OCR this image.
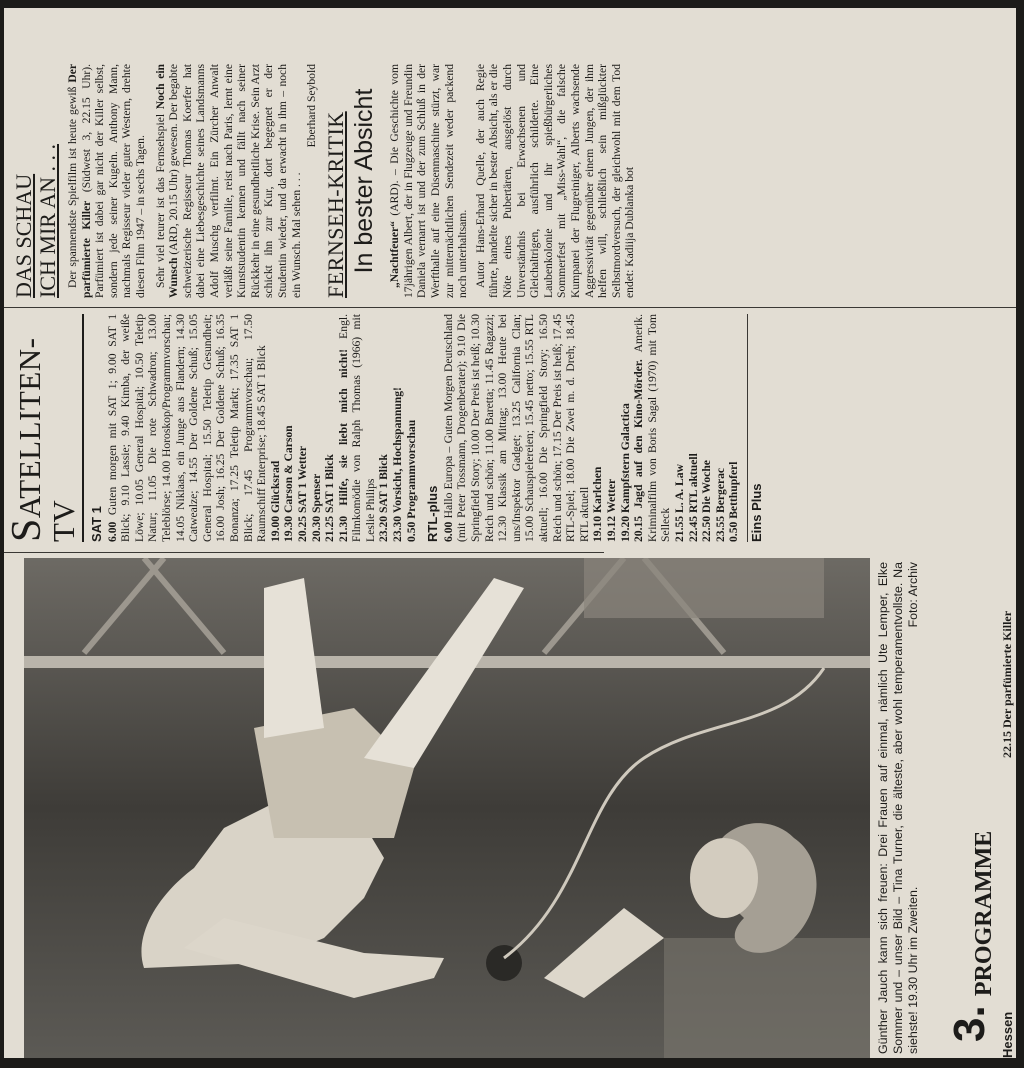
Günther Jauch kann sich freuen: Drei Frauen auf einmal, nämlich Ute Lemper, Elke Sommer und – unser Bild – Tina Turner, die älteste, aber wohl temperamentvollste. Na siehste! 19.30 Uhr im Zweiten.
Foto: Archiv
3. PROGRAMME
SATELLITEN-TV SAT 1 6.00 Guten morgen mit SAT 1; 9.00 SAT 1 Blick; 9.10 Lassie; 9.40 Kimba, der weiße Löwe; 10.05 General Hospital; 10.50 Teletip Natur; 11.05 Die rote Schwadron; 13.00 Teleblörse; 14.00 Horoskop/Programmvorschau; 14.05 Niklaas, ein Junge aus Flandern; 14.30 Catwealze; 14.55 Der Goldene Schuß; 15.05 General Hospital; 15.50 Teletip Gesundheit; 16.00 Josh; 16.25 Der Goldene Schuß; 16.35 Bonanza; 17.25 Teletip Markt; 17.35 SAT 1 Blick; 17.45 Programmvorschau; 17.50 Raumschiff Enterprise; 18.45 SAT 1 Blick 19.00 Glücksrad
19.30 Carson & Carson
20.25 SAT 1 Wetter
20.30 Spenser
21.25 SAT 1 Blick

21.30 Hilfe, sie liebt mich nicht! Engl. Filmkomödie von Ralph Thomas (1966) mit Leslie Philips 23.20 SAT 1 Blick
23.30 Vorsicht, Hochspannung!
0.50 Programmvorschau RTL-plus 6.00 Hallo Europa – Guten Morgen Deutschland (mit Peter Tossmann, Drogenberater); 9.10 Die Springfield Story; 10.00 Der Preis ist heiß; 10.30 Reich und schön; 11.00 Baretta; 11.45 Ragazzi; 12.30 Klassik am Mittag; 13.00 Heute bei uns/Inspektor Gadget; 13.25 California Clan; 15.00 Schauspielereien; 15.45 netto; 15.55 RTL aktuell; 16.00 Die Springfield Story; 16.50 Reich und schön; 17.15 Der Preis ist heiß; 17.45 RTL-Spiel; 18.00 Die Zwei m. d. Dreh; 18.45 RTL aktuell 19.10 Karlchen
19.12 Wetter
19.20 Kampfstern Galactica

20.15 Jagd auf den Kino-Mörder. Amerik. Kriminalfilm von Boris Sagal (1970) mit Tom Selleck 21.55 L. A. Law
22.45 RTL aktuell
22.50 Die Woche
23.55 Bergerac
0.50 Betthupferl Eins Plus
DAS SCHAU ICH MIR AN . . . Der spannendste Spielfilm ist heute gewiß Der parfümierte Killer (Südwest 3, 22.15 Uhr). Parfümiert ist dabei gar nicht der Killer selbst, sondern jede seiner Kugeln. Anthony Mann, nachmals Regisseur vieler guter Western, drehte diesen Film 1947 – in sechs Tagen. Sehr viel teurer ist das Fernsehspiel Noch ein Wunsch (ARD, 20.15 Uhr) gewesen. Der begabte schweizerische Regisseur Thomas Koerfer hat dabei eine Liebesgeschichte seines Landsmanns Adolf Muschg verfilmt. Ein Zürcher Anwalt verläßt seine Familie, reist nach Paris, lernt eine Kunststudentin kennen und fällt nach seiner Rückkehr in eine gesundheitliche Krise. Sein Arzt schickt ihn zur Kur, dort begegnet er der Studentin wieder, und da erwacht in ihm – noch ein Wunsch. Mal sehen . . .

Eberhard Seybold

FERNSEH-KRITIK In bester Absicht „Nachtfeuer“ (ARD). – Die Geschichte vom 17jährigen Albert, der in Flugzeuge und Freundin Daniela vernarrt ist und der zum Schluß in der Werfthalle auf eine Düsenmaschine stürzt, war zur mitternächtlichen Sendezeit weder packend noch unterhaltsam. Autor Hans-Erhard Quelle, der auch Regie führte, handelte sicher in bester Absicht, als er die Nöte eines Pubertären, ausgelöst durch Unverständnis bei Erwachsenen und Gleichaltrigen, ausführlich schilderte. Eine Laubenkolonie und ihr spießbürgerliches Sommerfest mit „Miss-Wahl“, die falsche Kumpanei der Flugreiniger, Alberts wachsende Aggressivität gegenüber einem Jungen, der ihm helfen will, schließlich sein mißglückter Selbstmordversuch, der gleichwohl mit dem Tod endet: Kadiija Dublanka bot

Hessen
22.15 Der parfümierte Killer
